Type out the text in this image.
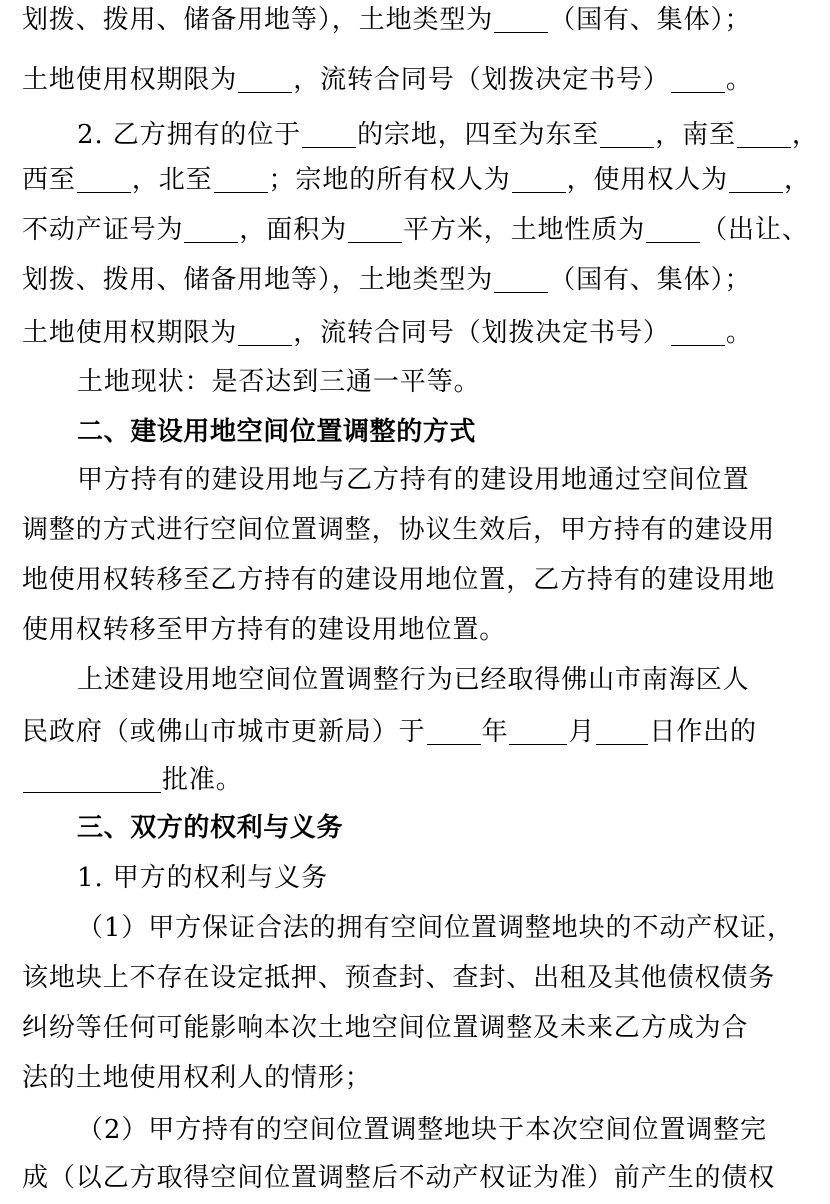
划拨、拨用、储备用地等），土地类型为 （国有、集体）；
土地使用权期限为 ，流转合同号（划拨决定书号） 。
2. 乙方拥有的位于 的宗地，四至为东至 ，南至 ，
西至 ，北至 ；宗地的所有权人为 ，使用权人为 ，
不动产证号为 ，面积为 平方米，土地性质为 （出让、
划拨、拨用、储备用地等），土地类型为 （国有、集体）；
土地使用权期限为 ，流转合同号（划拨决定书号） 。
土地现状：是否达到三通一平等。
二、建设用地空间位置调整的方式
甲方持有的建设用地与乙方持有的建设用地通过空间位置
调整的方式进行空间位置调整，协议生效后，甲方持有的建设用
地使用权转移至乙方持有的建设用地位置，乙方持有的建设用地
使用权转移至甲方持有的建设用地位置。
上述建设用地空间位置调整行为已经取得佛山市南海区人
民政府（或佛山市城市更新局）于 年 月 日作出的
批准。
三、双方的权利与义务
1. 甲方的权利与义务
（1）甲方保证合法的拥有空间位置调整地块的不动产权证，
该地块上不存在设定抵押、预查封、查封、出租及其他债权债务
纠纷等任何可能影响本次土地空间位置调整及未来乙方成为合
法的土地使用权利人的情形；
（2）甲方持有的空间位置调整地块于本次空间位置调整完
成（以乙方取得空间位置调整后不动产权证为准）前产生的债权
